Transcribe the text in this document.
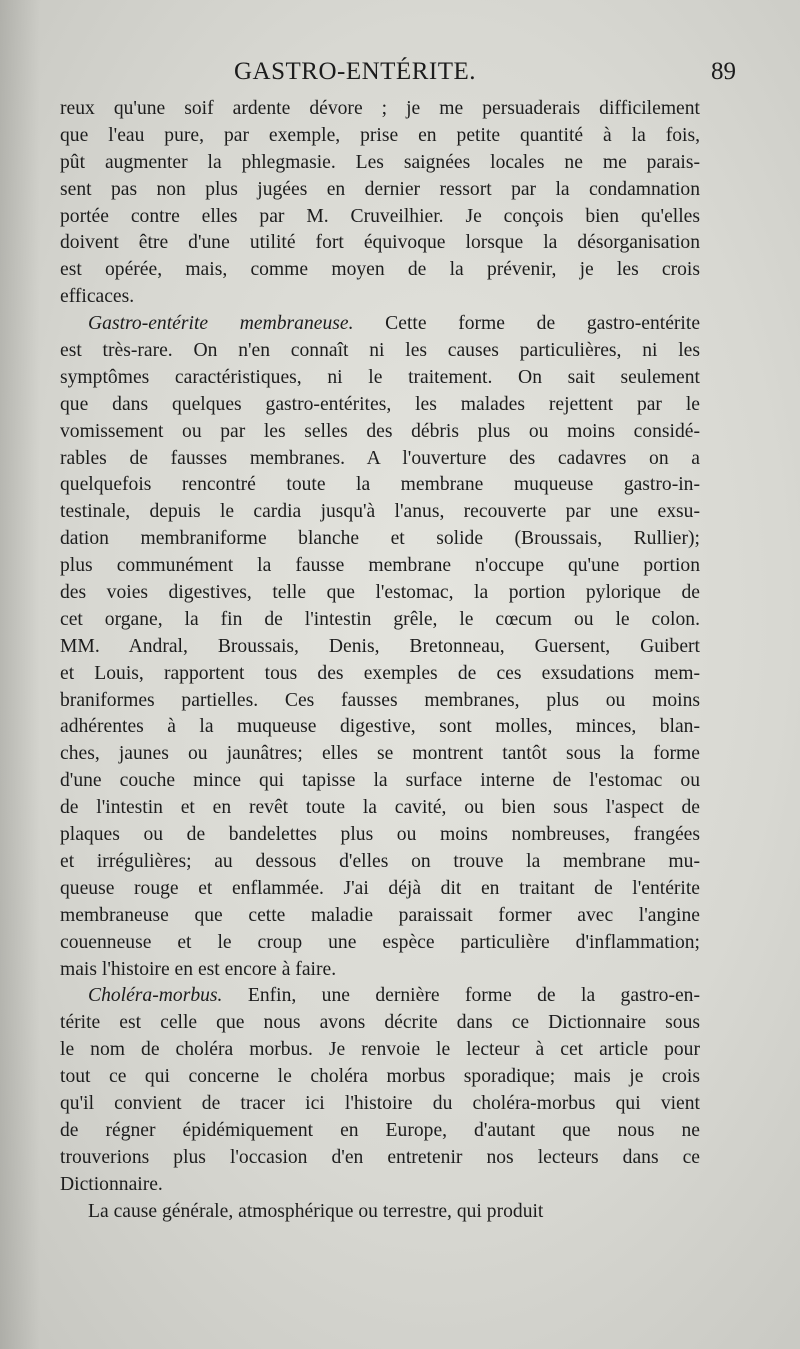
GASTRO-ENTÉRITE.	89
reux qu'une soif ardente dévore ; je me persuaderais difficilement
que l'eau pure, par exemple, prise en petite quantité à la fois,
pût augmenter la phlegmasie. Les saignées locales ne me parais-
sent pas non plus jugées en dernier ressort par la condamnation
portée contre elles par M. Cruveilhier. Je conçois bien qu'elles
doivent être d'une utilité fort équivoque lorsque la désorganisation
est opérée, mais, comme moyen de la prévenir, je les crois
efficaces.
Gastro-entérite membraneuse. Cette forme de gastro-entérite
est très-rare. On n'en connaît ni les causes particulières, ni les
symptômes caractéristiques, ni le traitement. On sait seulement
que dans quelques gastro-entérites, les malades rejettent par le
vomissement ou par les selles des débris plus ou moins considé-
rables de fausses membranes. A l'ouverture des cadavres on a
quelquefois rencontré toute la membrane muqueuse gastro-in-
testinale, depuis le cardia jusqu'à l'anus, recouverte par une exsu-
dation membraniforme blanche et solide (Broussais, Rullier);
plus communément la fausse membrane n'occupe qu'une portion
des voies digestives, telle que l'estomac, la portion pylorique de
cet organe, la fin de l'intestin grêle, le cœcum ou le colon.
MM. Andral, Broussais, Denis, Bretonneau, Guersent, Guibert
et Louis, rapportent tous des exemples de ces exsudations mem-
braniformes partielles. Ces fausses membranes, plus ou moins
adhérentes à la muqueuse digestive, sont molles, minces, blan-
ches, jaunes ou jaunâtres; elles se montrent tantôt sous la forme
d'une couche mince qui tapisse la surface interne de l'estomac ou
de l'intestin et en revêt toute la cavité, ou bien sous l'aspect de
plaques ou de bandelettes plus ou moins nombreuses, frangées
et irrégulières; au dessous d'elles on trouve la membrane mu-
queuse rouge et enflammée. J'ai déjà dit en traitant de l'entérite
membraneuse que cette maladie paraissait former avec l'angine
couenneuse et le croup une espèce particulière d'inflammation;
mais l'histoire en est encore à faire.
Choléra-morbus. Enfin, une dernière forme de la gastro-en-
térite est celle que nous avons décrite dans ce Dictionnaire sous
le nom de choléra morbus. Je renvoie le lecteur à cet article pour
tout ce qui concerne le choléra morbus sporadique; mais je crois
qu'il convient de tracer ici l'histoire du choléra-morbus qui vient
de régner épidémiquement en Europe, d'autant que nous ne
trouverions plus l'occasion d'en entretenir nos lecteurs dans ce
Dictionnaire.
La cause générale, atmosphérique ou terrestre, qui produit
